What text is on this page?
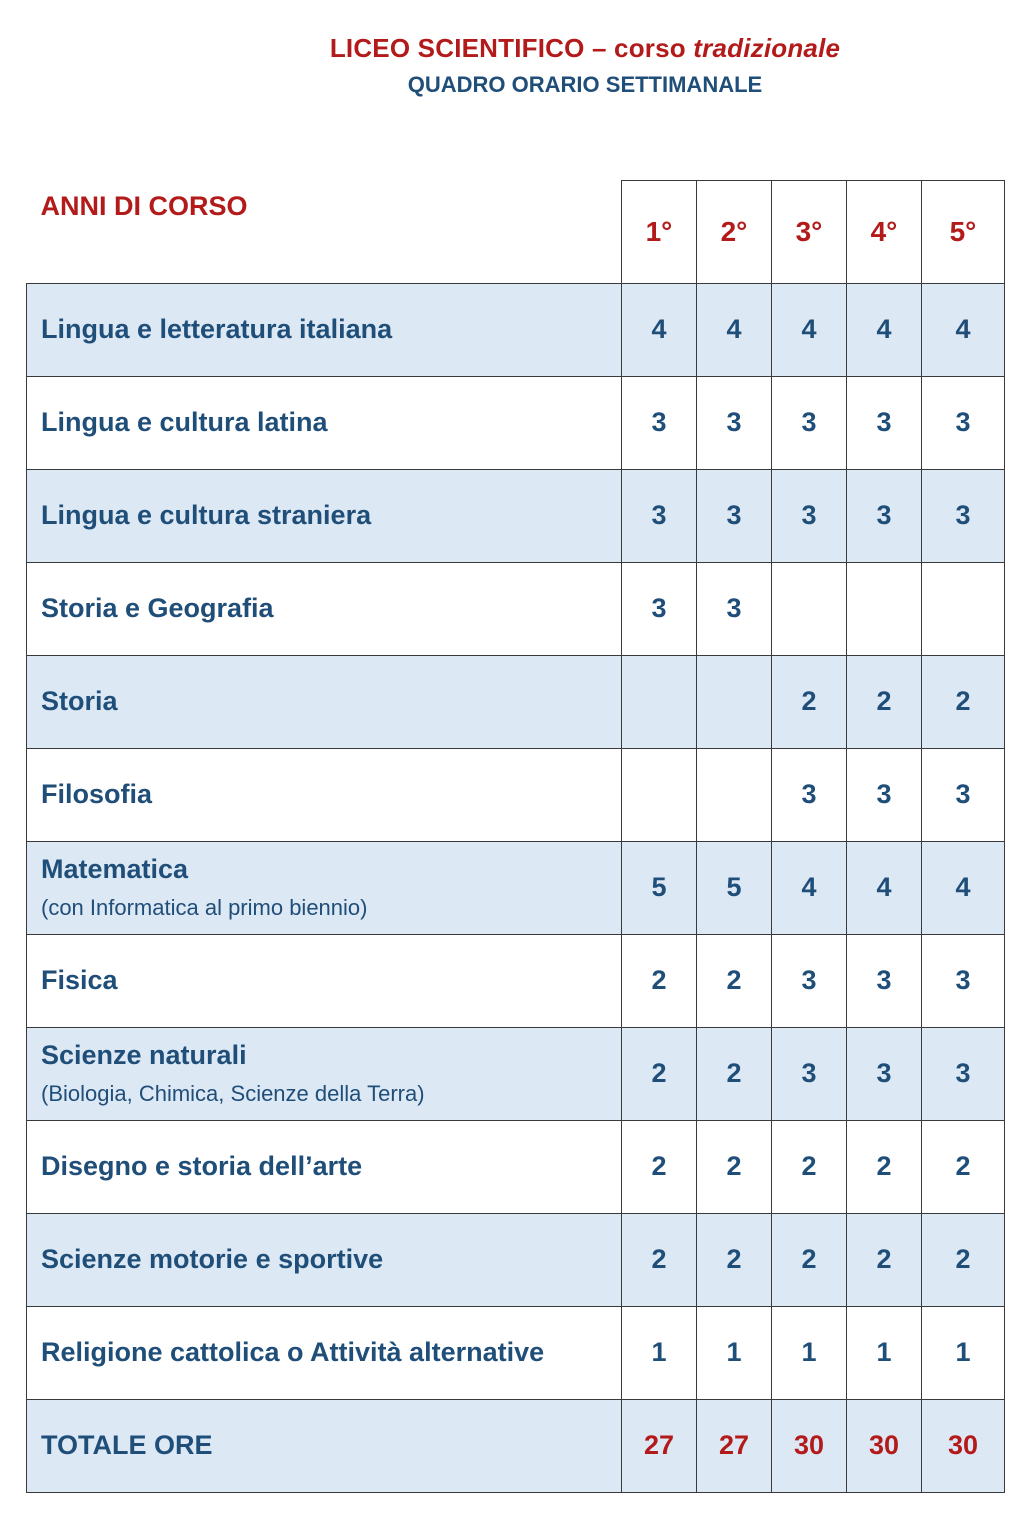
LICEO SCIENTIFICO – corso tradizionale
QUADRO ORARIO SETTIMANALE
ANNI DI CORSO	1°	2°	3°	4°	5°
Lingua e letteratura italiana	4	4	4	4	4
Lingua e cultura latina	3	3	3	3	3
Lingua e cultura straniera	3	3	3	3	3
Storia e Geografia	3	3			
Storia			2	2	2
Filosofia			3	3	3
Matematica
(con Informatica al primo biennio)	5	5	4	4	4
Fisica	2	2	3	3	3
Scienze naturali
(Biologia, Chimica, Scienze della Terra)	2	2	3	3	3
Disegno e storia dell’arte	2	2	2	2	2
Scienze motorie e sportive	2	2	2	2	2
Religione cattolica o Attività alternative	1	1	1	1	1
TOTALE ORE	27	27	30	30	30
